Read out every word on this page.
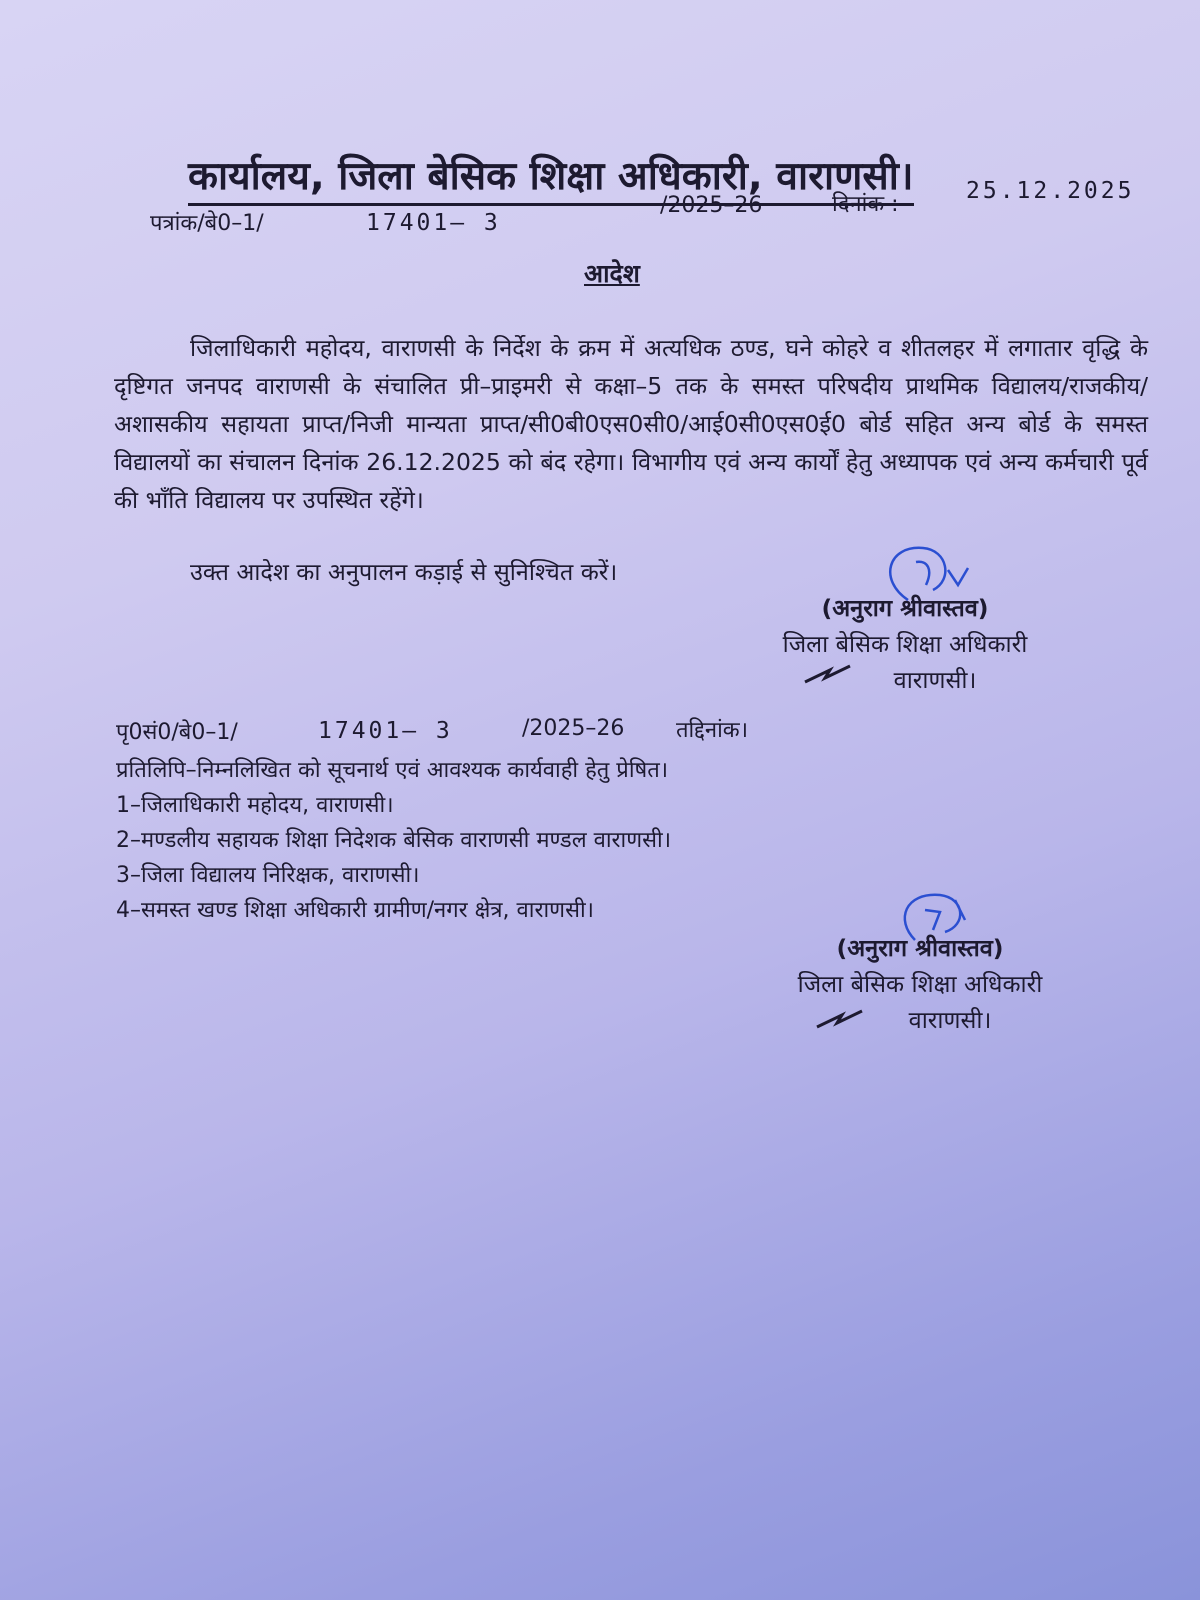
कार्यालय, जिला बेसिक शिक्षा अधिकारी, वाराणसी।
पत्रांक/बे0–1/	17401– 3
/2025–26	दिनांक :
25.12.2025
आदेश

जिलाधिकारी महोदय, वाराणसी के निर्देश के क्रम में अत्यधिक ठण्ड, घने कोहरे व शीतलहर में लगातार वृद्धि के दृष्टिगत जनपद वाराणसी के संचालित प्री–प्राइमरी से कक्षा–5 तक के समस्त परिषदीय प्राथमिक विद्यालय/राजकीय/अशासकीय सहायता प्राप्त/निजी मान्यता प्राप्त/सी0बी0एस0सी0/आई0सी0एस0ई0 बोर्ड सहित अन्य बोर्ड के समस्त विद्यालयों का संचालन दिनांक 26.12.2025 को बंद रहेगा। विभागीय एवं अन्य कार्यों हेतु अध्यापक एवं अन्य कर्मचारी पूर्व की भाँति विद्यालय पर उपस्थित रहेंगे।

उक्त आदेश का अनुपालन कड़ाई से सुनिश्चित करें।
(अनुराग श्रीवास्तव)
जिला बेसिक शिक्षा अधिकारी
वाराणसी।
पृ0सं0/बे0–1/	17401– 3	/2025–26 तद्दिनांक।
प्रतिलिपि–निम्नलिखित को सूचनार्थ एवं आवश्यक कार्यवाही हेतु प्रेषित।
1–जिलाधिकारी महोदय, वाराणसी।
2–मण्डलीय सहायक शिक्षा निदेशक बेसिक वाराणसी मण्डल वाराणसी।
3–जिला विद्यालय निरिक्षक, वाराणसी।
4–समस्त खण्ड शिक्षा अधिकारी ग्रामीण/नगर क्षेत्र, वाराणसी।
(अनुराग श्रीवास्तव)
जिला बेसिक शिक्षा अधिकारी
वाराणसी।
